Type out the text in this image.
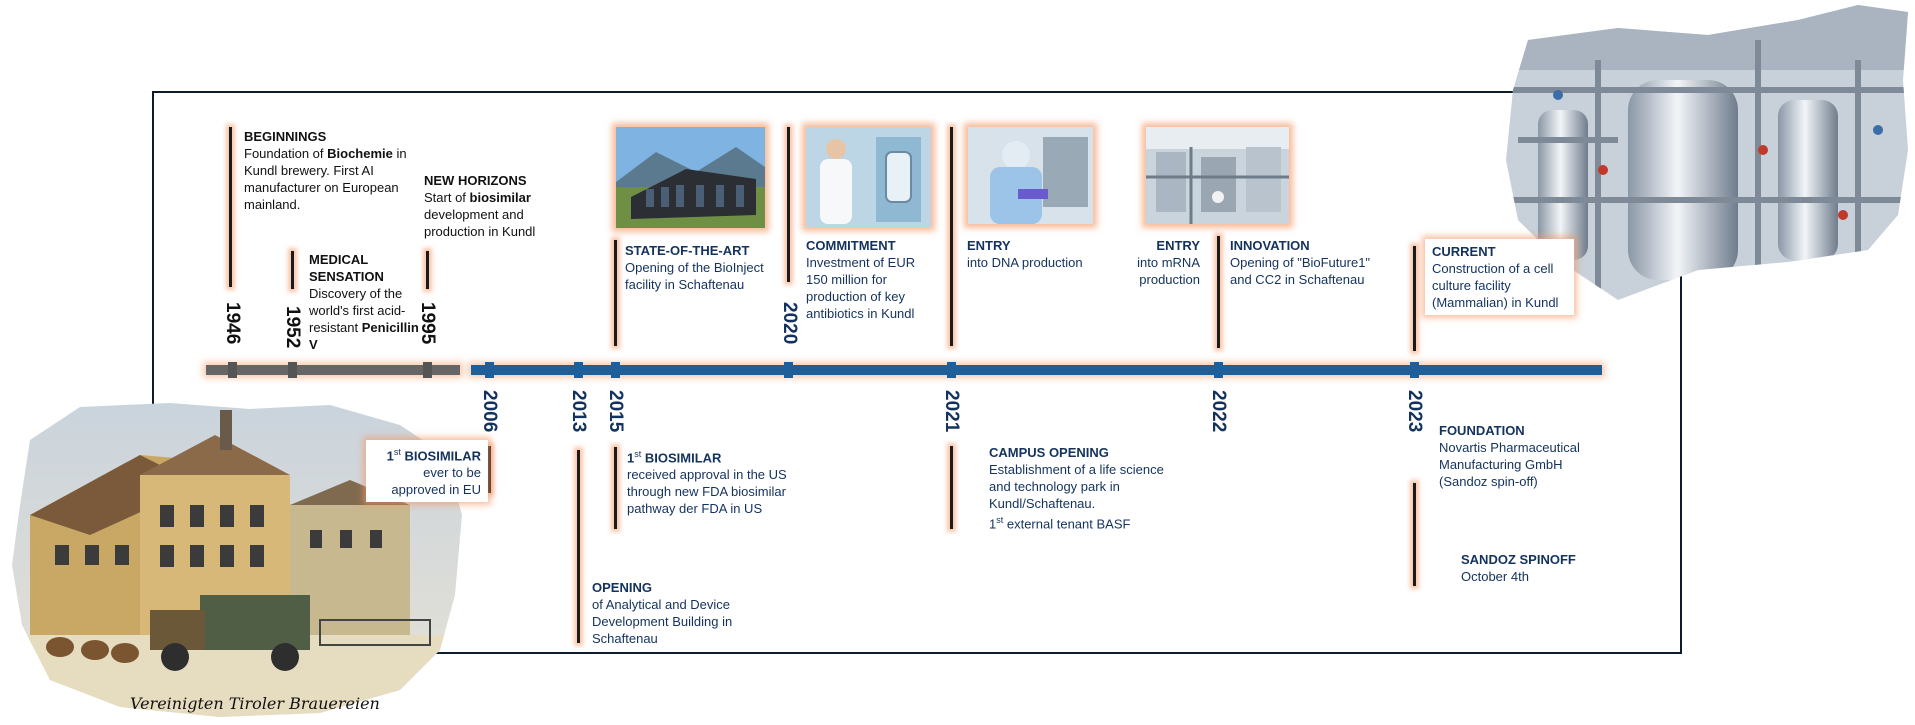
Vereinigten Tiroler Brauereien
1946 1952	1995
2006	2013 2015
2020
2021	2022	2023
BEGINNINGS
Foundation of Biochemie in Kundl brewery. First AI manufacturer on European mainland.
MEDICAL SENSATION
Discovery of the world's first acid-resistant Penicillin V
NEW HORIZONS
Start of biosimilar development and production in Kundl
STATE-OF-THE-ART
Opening of the BioInject facility in Schaftenau
COMMITMENT
Investment of EUR 150 million for production of key antibiotics in Kundl
ENTRY
into DNA production
ENTRY
into mRNA production
INNOVATION
Opening of "BioFuture1" and CC2 in Schaftenau
CURRENT
Construction of a cell culture facility (Mammalian) in Kundl
1st BIOSIMILAR
ever to be approved in EU
1st BIOSIMILAR
received approval in the US through new FDA biosimilar pathway der FDA in US
OPENING
of Analytical and Device Development Building in Schaftenau
CAMPUS OPENING
Establishment of a life science and technology park in Kundl/Schaftenau.
1st external tenant BASF
FOUNDATION
Novartis Pharmaceutical Manufacturing GmbH (Sandoz spin-off)
SANDOZ SPINOFF
October 4th
